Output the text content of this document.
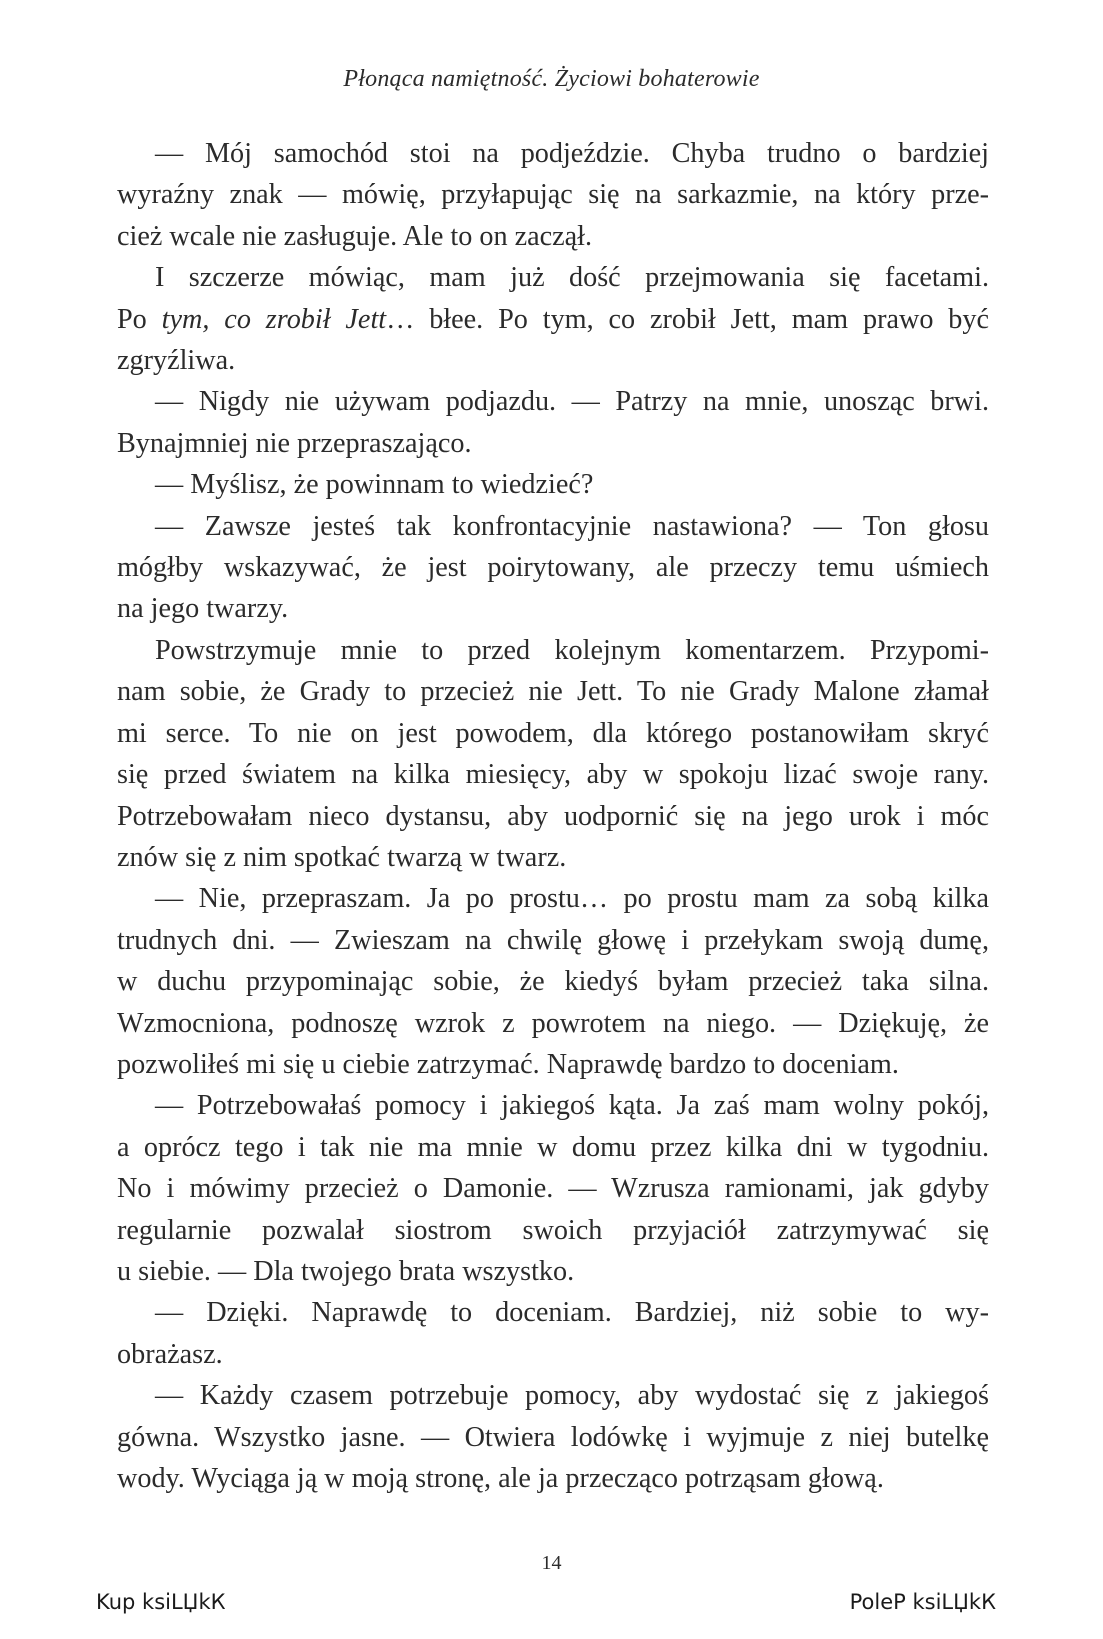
Płonąca namiętność. Życiowi bohaterowie

— Mój samochód stoi na podjeździe. Chyba trudno o bardziej
wyraźny znak — mówię, przyłapując się na sarkazmie, na który prze-
cież wcale nie zasługuje. Ale to on zaczął.

I szczerze mówiąc, mam już dość przejmowania się facetami.
Po tym, co zrobił Jett… błee. Po tym, co zrobił Jett, mam prawo być
zgryźliwa.

— Nigdy nie używam podjazdu. — Patrzy na mnie, unosząc brwi.
Bynajmniej nie przepraszająco.

— Myślisz, że powinnam to wiedzieć?

— Zawsze jesteś tak konfrontacyjnie nastawiona? — Ton głosu
mógłby wskazywać, że jest poirytowany, ale przeczy temu uśmiech
na jego twarzy.

Powstrzymuje mnie to przed kolejnym komentarzem. Przypomi-
nam sobie, że Grady to przecież nie Jett. To nie Grady Malone złamał
mi serce. To nie on jest powodem, dla którego postanowiłam skryć
się przed światem na kilka miesięcy, aby w spokoju lizać swoje rany.
Potrzebowałam nieco dystansu, aby uodpornić się na jego urok i móc
znów się z nim spotkać twarzą w twarz.

— Nie, przepraszam. Ja po prostu… po prostu mam za sobą kilka
trudnych dni. — Zwieszam na chwilę głowę i przełykam swoją dumę,
w duchu przypominając sobie, że kiedyś byłam przecież taka silna.
Wzmocniona, podnoszę wzrok z powrotem na niego. — Dziękuję, że
pozwoliłeś mi się u ciebie zatrzymać. Naprawdę bardzo to doceniam.

— Potrzebowałaś pomocy i jakiegoś kąta. Ja zaś mam wolny pokój,
a oprócz tego i tak nie ma mnie w domu przez kilka dni w tygodniu.
No i mówimy przecież o Damonie. — Wzrusza ramionami, jak gdyby
regularnie pozwalał siostrom swoich przyjaciół zatrzymywać się
u siebie. — Dla twojego brata wszystko.

— Dzięki. Naprawdę to doceniam. Bardziej, niż sobie to wy-
obrażasz.

— Każdy czasem potrzebuje pomocy, aby wydostać się z jakiegoś
gówna. Wszystko jasne. — Otwiera lodówkę i wyjmuje z niej butelkę
wody. Wyciąga ją w moją stronę, ale ja przecząco potrząsam głową.

14
Kup ksiLЏkК	PoleР ksiLЏkК
